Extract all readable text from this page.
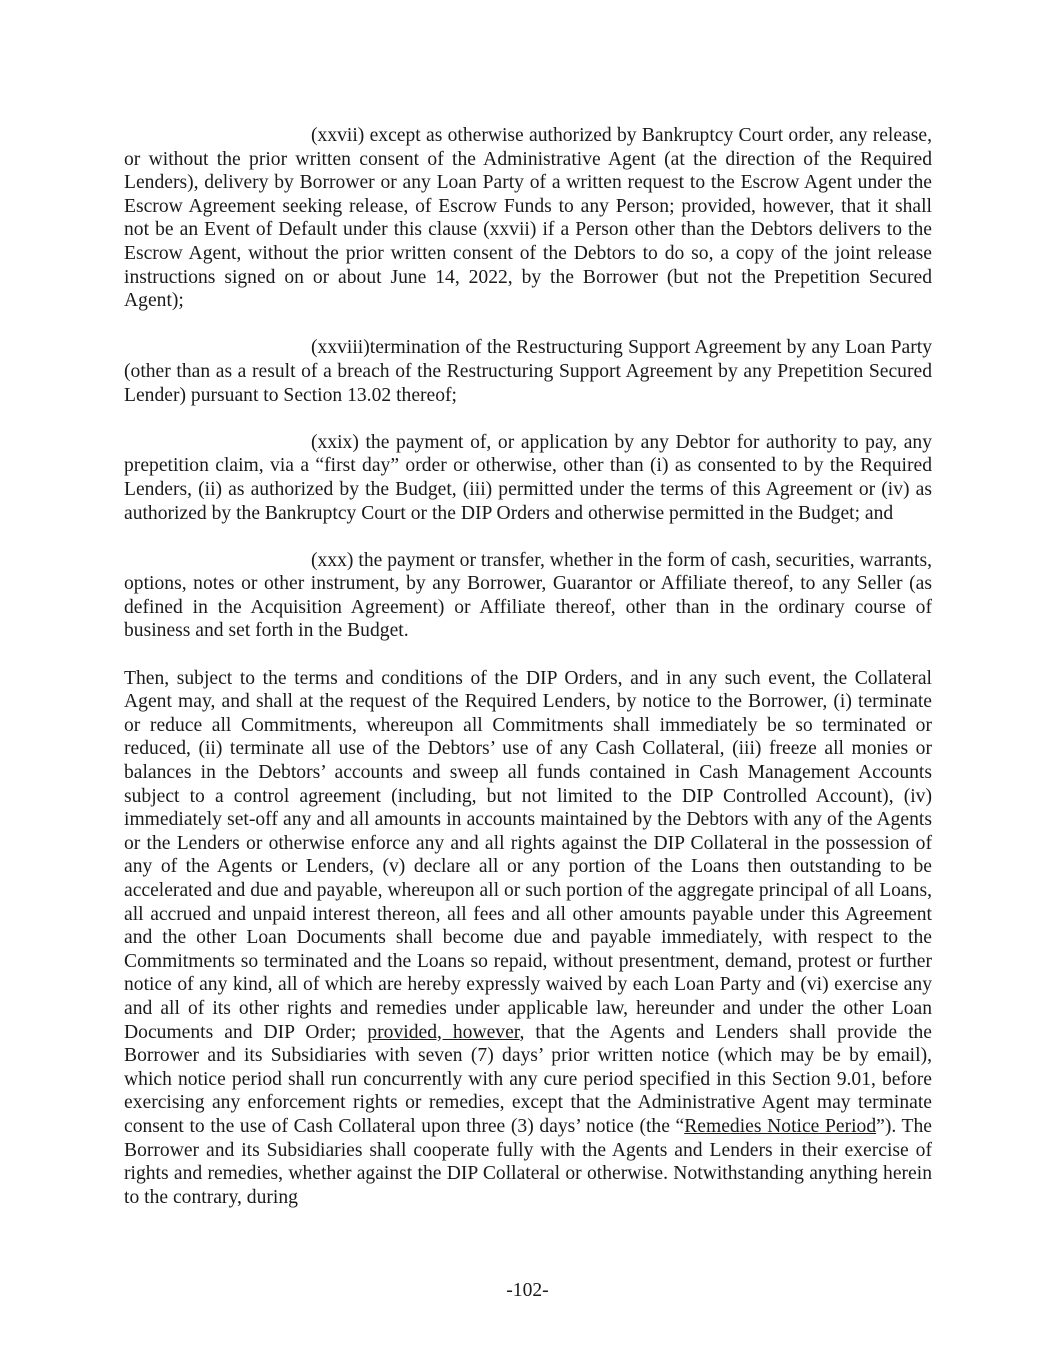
(xxvii) except as otherwise authorized by Bankruptcy Court order, any release, or without the prior written consent of the Administrative Agent (at the direction of the Required Lenders), delivery by Borrower or any Loan Party of a written request to the Escrow Agent under the Escrow Agreement seeking release, of Escrow Funds to any Person; provided, however, that it shall not be an Event of Default under this clause (xxvii) if a Person other than the Debtors delivers to the Escrow Agent, without the prior written consent of the Debtors to do so, a copy of the joint release instructions signed on or about June 14, 2022, by the Borrower (but not the Prepetition Secured Agent);

(xxviii)termination of the Restructuring Support Agreement by any Loan Party (other than as a result of a breach of the Restructuring Support Agreement by any Prepetition Secured Lender) pursuant to Section 13.02 thereof;

(xxix) the payment of, or application by any Debtor for authority to pay, any prepetition claim, via a “first day” order or otherwise, other than (i) as consented to by the Required Lenders, (ii) as authorized by the Budget, (iii) permitted under the terms of this Agreement or (iv) as authorized by the Bankruptcy Court or the DIP Orders and otherwise permitted in the Budget; and

(xxx) the payment or transfer, whether in the form of cash, securities, warrants, options, notes or other instrument, by any Borrower, Guarantor or Affiliate thereof, to any Seller (as defined in the Acquisition Agreement) or Affiliate thereof, other than in the ordinary course of business and set forth in the Budget.

Then, subject to the terms and conditions of the DIP Orders, and in any such event, the Collateral Agent may, and shall at the request of the Required Lenders, by notice to the Borrower, (i) terminate or reduce all Commitments, whereupon all Commitments shall immediately be so terminated or reduced, (ii) terminate all use of the Debtors’ use of any Cash Collateral, (iii) freeze all monies or balances in the Debtors’ accounts and sweep all funds contained in Cash Management Accounts subject to a control agreement (including, but not limited to the DIP Controlled Account), (iv) immediately set-off any and all amounts in accounts maintained by the Debtors with any of the Agents or the Lenders or otherwise enforce any and all rights against the DIP Collateral in the possession of any of the Agents or Lenders, (v) declare all or any portion of the Loans then outstanding to be accelerated and due and payable, whereupon all or such portion of the aggregate principal of all Loans, all accrued and unpaid interest thereon, all fees and all other amounts payable under this Agreement and the other Loan Documents shall become due and payable immediately, with respect to the Commitments so terminated and the Loans so repaid, without presentment, demand, protest or further notice of any kind, all of which are hereby expressly waived by each Loan Party and (vi) exercise any and all of its other rights and remedies under applicable law, hereunder and under the other Loan Documents and DIP Order; provided, however, that the Agents and Lenders shall provide the Borrower and its Subsidiaries with seven (7) days’ prior written notice (which may be by email), which notice period shall run concurrently with any cure period specified in this Section 9.01, before exercising any enforcement rights or remedies, except that the Administrative Agent may terminate consent to the use of Cash Collateral upon three (3) days’ notice (the “Remedies Notice Period”). The Borrower and its Subsidiaries shall cooperate fully with the Agents and Lenders in their exercise of rights and remedies, whether against the DIP Collateral or otherwise. Notwithstanding anything herein to the contrary, during

-102-
